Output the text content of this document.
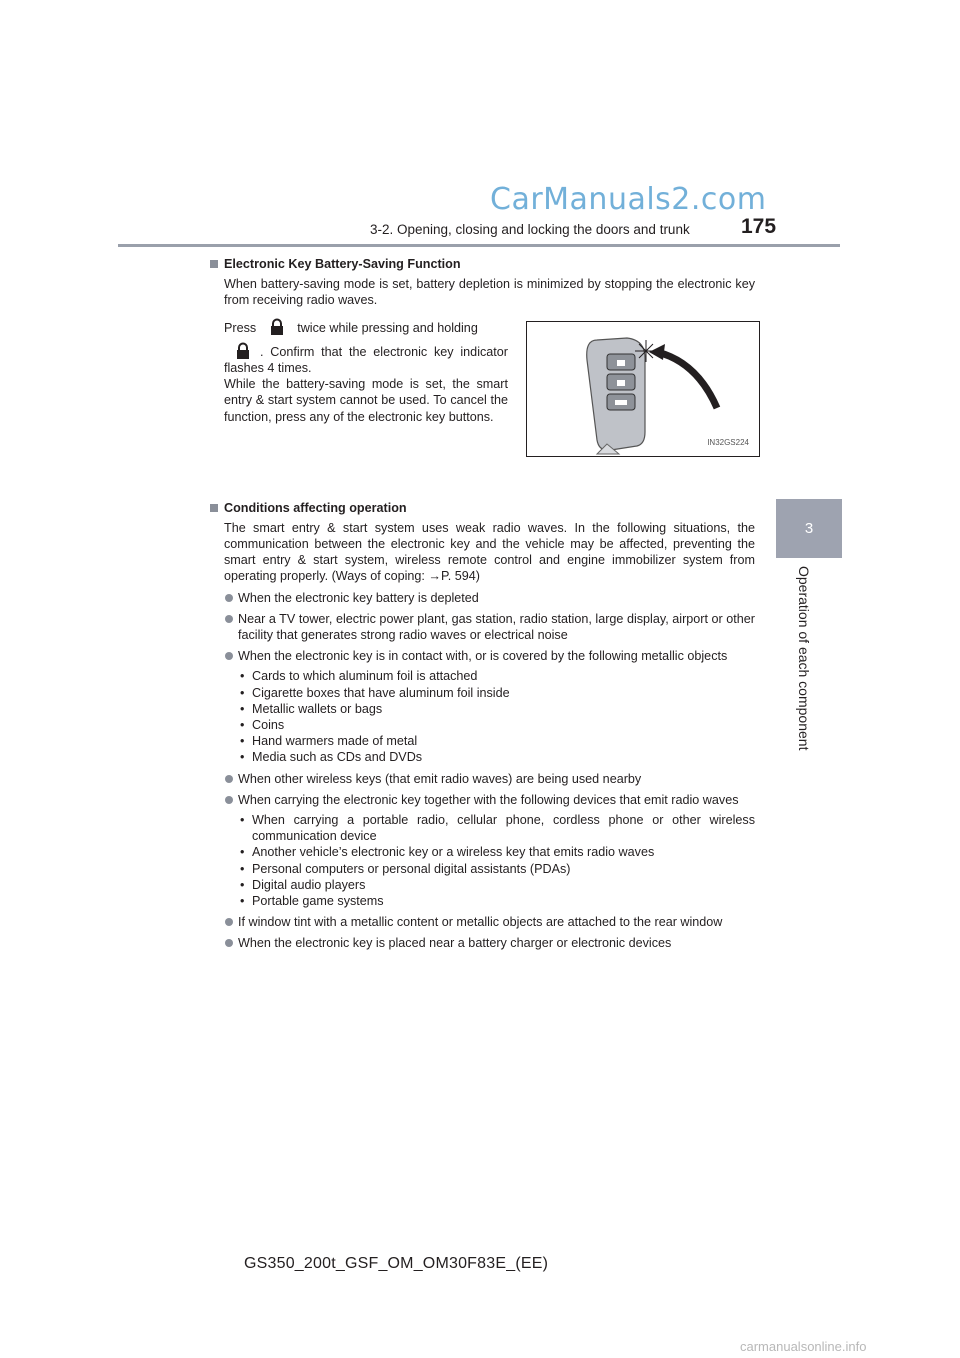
CarManuals2.com
3-2. Opening, closing and locking the doors and trunk 175
3
Operation of each component
Electronic Key Battery-Saving Function
When battery-saving mode is set, battery depletion is minimized by stopping the electronic key from receiving radio waves.
Press	twice while pressing and holding
. Confirm that the electronic key indicator flashes 4 times.
While the battery-saving mode is set, the smart entry & start system cannot be used. To cancel the function, press any of the electronic key buttons.
IN32GS224
Conditions affecting operation
The smart entry & start system uses weak radio waves. In the following situations, the communication between the electronic key and the vehicle may be affected, preventing the smart entry & start system, wireless remote control and engine immobilizer system from operating properly. (Ways of coping: →P. 594)
When the electronic key battery is depleted
Near a TV tower, electric power plant, gas station, radio station, large display, airport or other facility that generates strong radio waves or electrical noise
When the electronic key is in contact with, or is covered by the following metallic objects
• Cards to which aluminum foil is attached
• Cigarette boxes that have aluminum foil inside
• Metallic wallets or bags
• Coins
• Hand warmers made of metal
• Media such as CDs and DVDs
When other wireless keys (that emit radio waves) are being used nearby
When carrying the electronic key together with the following devices that emit radio waves
• When carrying a portable radio, cellular phone, cordless phone or other wireless communication device
• Another vehicle’s electronic key or a wireless key that emits radio waves
• Personal computers or personal digital assistants (PDAs)
• Digital audio players
• Portable game systems
If window tint with a metallic content or metallic objects are attached to the rear window
When the electronic key is placed near a battery charger or electronic devices
GS350_200t_GSF_OM_OM30F83E_(EE)
carmanualsonline.info
